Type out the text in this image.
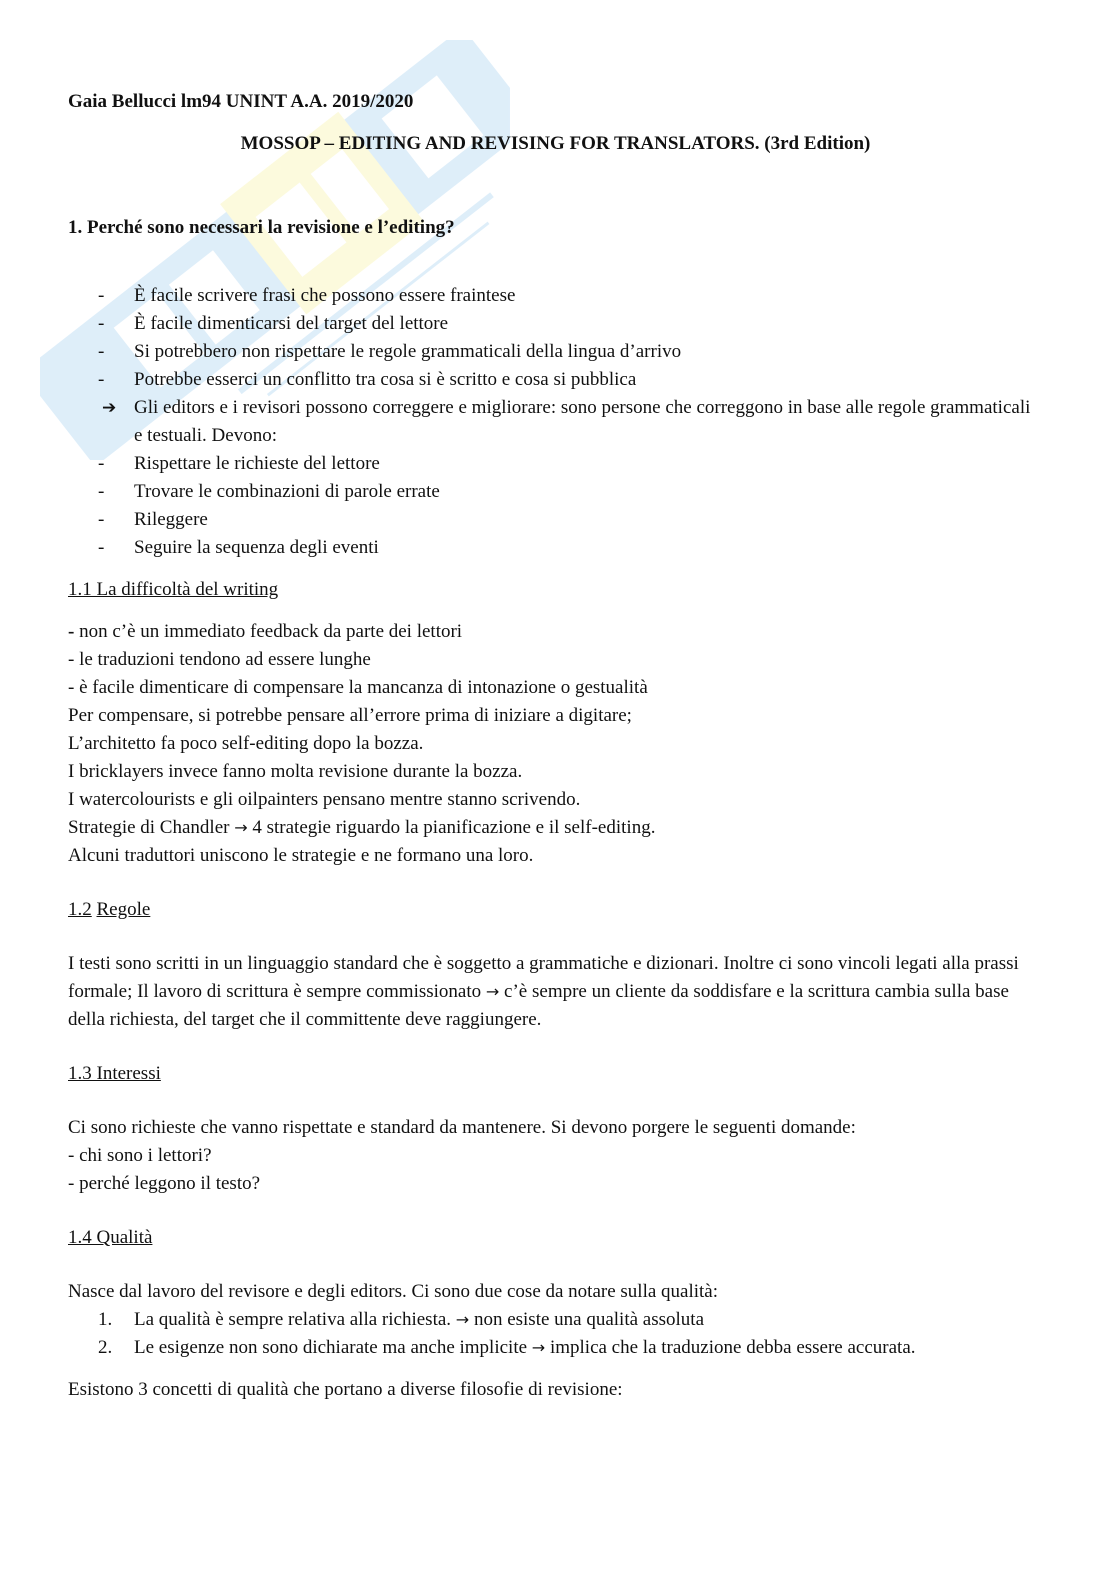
Gaia Bellucci lm94 UNINT A.A. 2019/2020

MOSSOP – EDITING AND REVISING FOR TRANSLATORS. (3rd Edition)

1. Perché sono necessari la revisione e l’editing?

- È facile scrivere frasi che possono essere fraintese
- È facile dimenticarsi del target del lettore
- Si potrebbero non rispettare le regole grammaticali della lingua d’arrivo
- Potrebbe esserci un conflitto tra cosa si è scritto e cosa si pubblica
➔ Gli editors e i revisori possono correggere e migliorare: sono persone che correggono in base alle regole grammaticali e testuali. Devono:
- Rispettare le richieste del lettore
- Trovare le combinazioni di parole errate
- Rileggere
- Seguire la sequenza degli eventi

1.1 La difficoltà del writing

- non c’è un immediato feedback da parte dei lettori

- le traduzioni tendono ad essere lunghe

- è facile dimenticare di compensare la mancanza di intonazione o gestualità

Per compensare, si potrebbe pensare all’errore prima di iniziare a digitare;

L’architetto fa poco self-editing dopo la bozza.

I bricklayers invece fanno molta revisione durante la bozza.

I watercolourists e gli oilpainters pensano mentre stanno scrivendo.

Strategie di Chandler → 4 strategie riguardo la pianificazione e il self-editing.

Alcuni traduttori uniscono le strategie e ne formano una loro.

1.2 Regole

I testi sono scritti in un linguaggio standard che è soggetto a grammatiche e dizionari. Inoltre ci sono vincoli legati alla prassi formale; Il lavoro di scrittura è sempre commissionato → c’è sempre un cliente da soddisfare e la scrittura cambia sulla base della richiesta, del target che il committente deve raggiungere.

1.3 Interessi

Ci sono richieste che vanno rispettate e standard da mantenere. Si devono porgere le seguenti domande:

- chi sono i lettori?

- perché leggono il testo?

1.4 Qualità

Nasce dal lavoro del revisore e degli editors. Ci sono due cose da notare sulla qualità:

1. La qualità è sempre relativa alla richiesta. → non esiste una qualità assoluta
2. Le esigenze non sono dichiarate ma anche implicite → implica che la traduzione debba essere accurata.

Esistono 3 concetti di qualità che portano a diverse filosofie di revisione:
